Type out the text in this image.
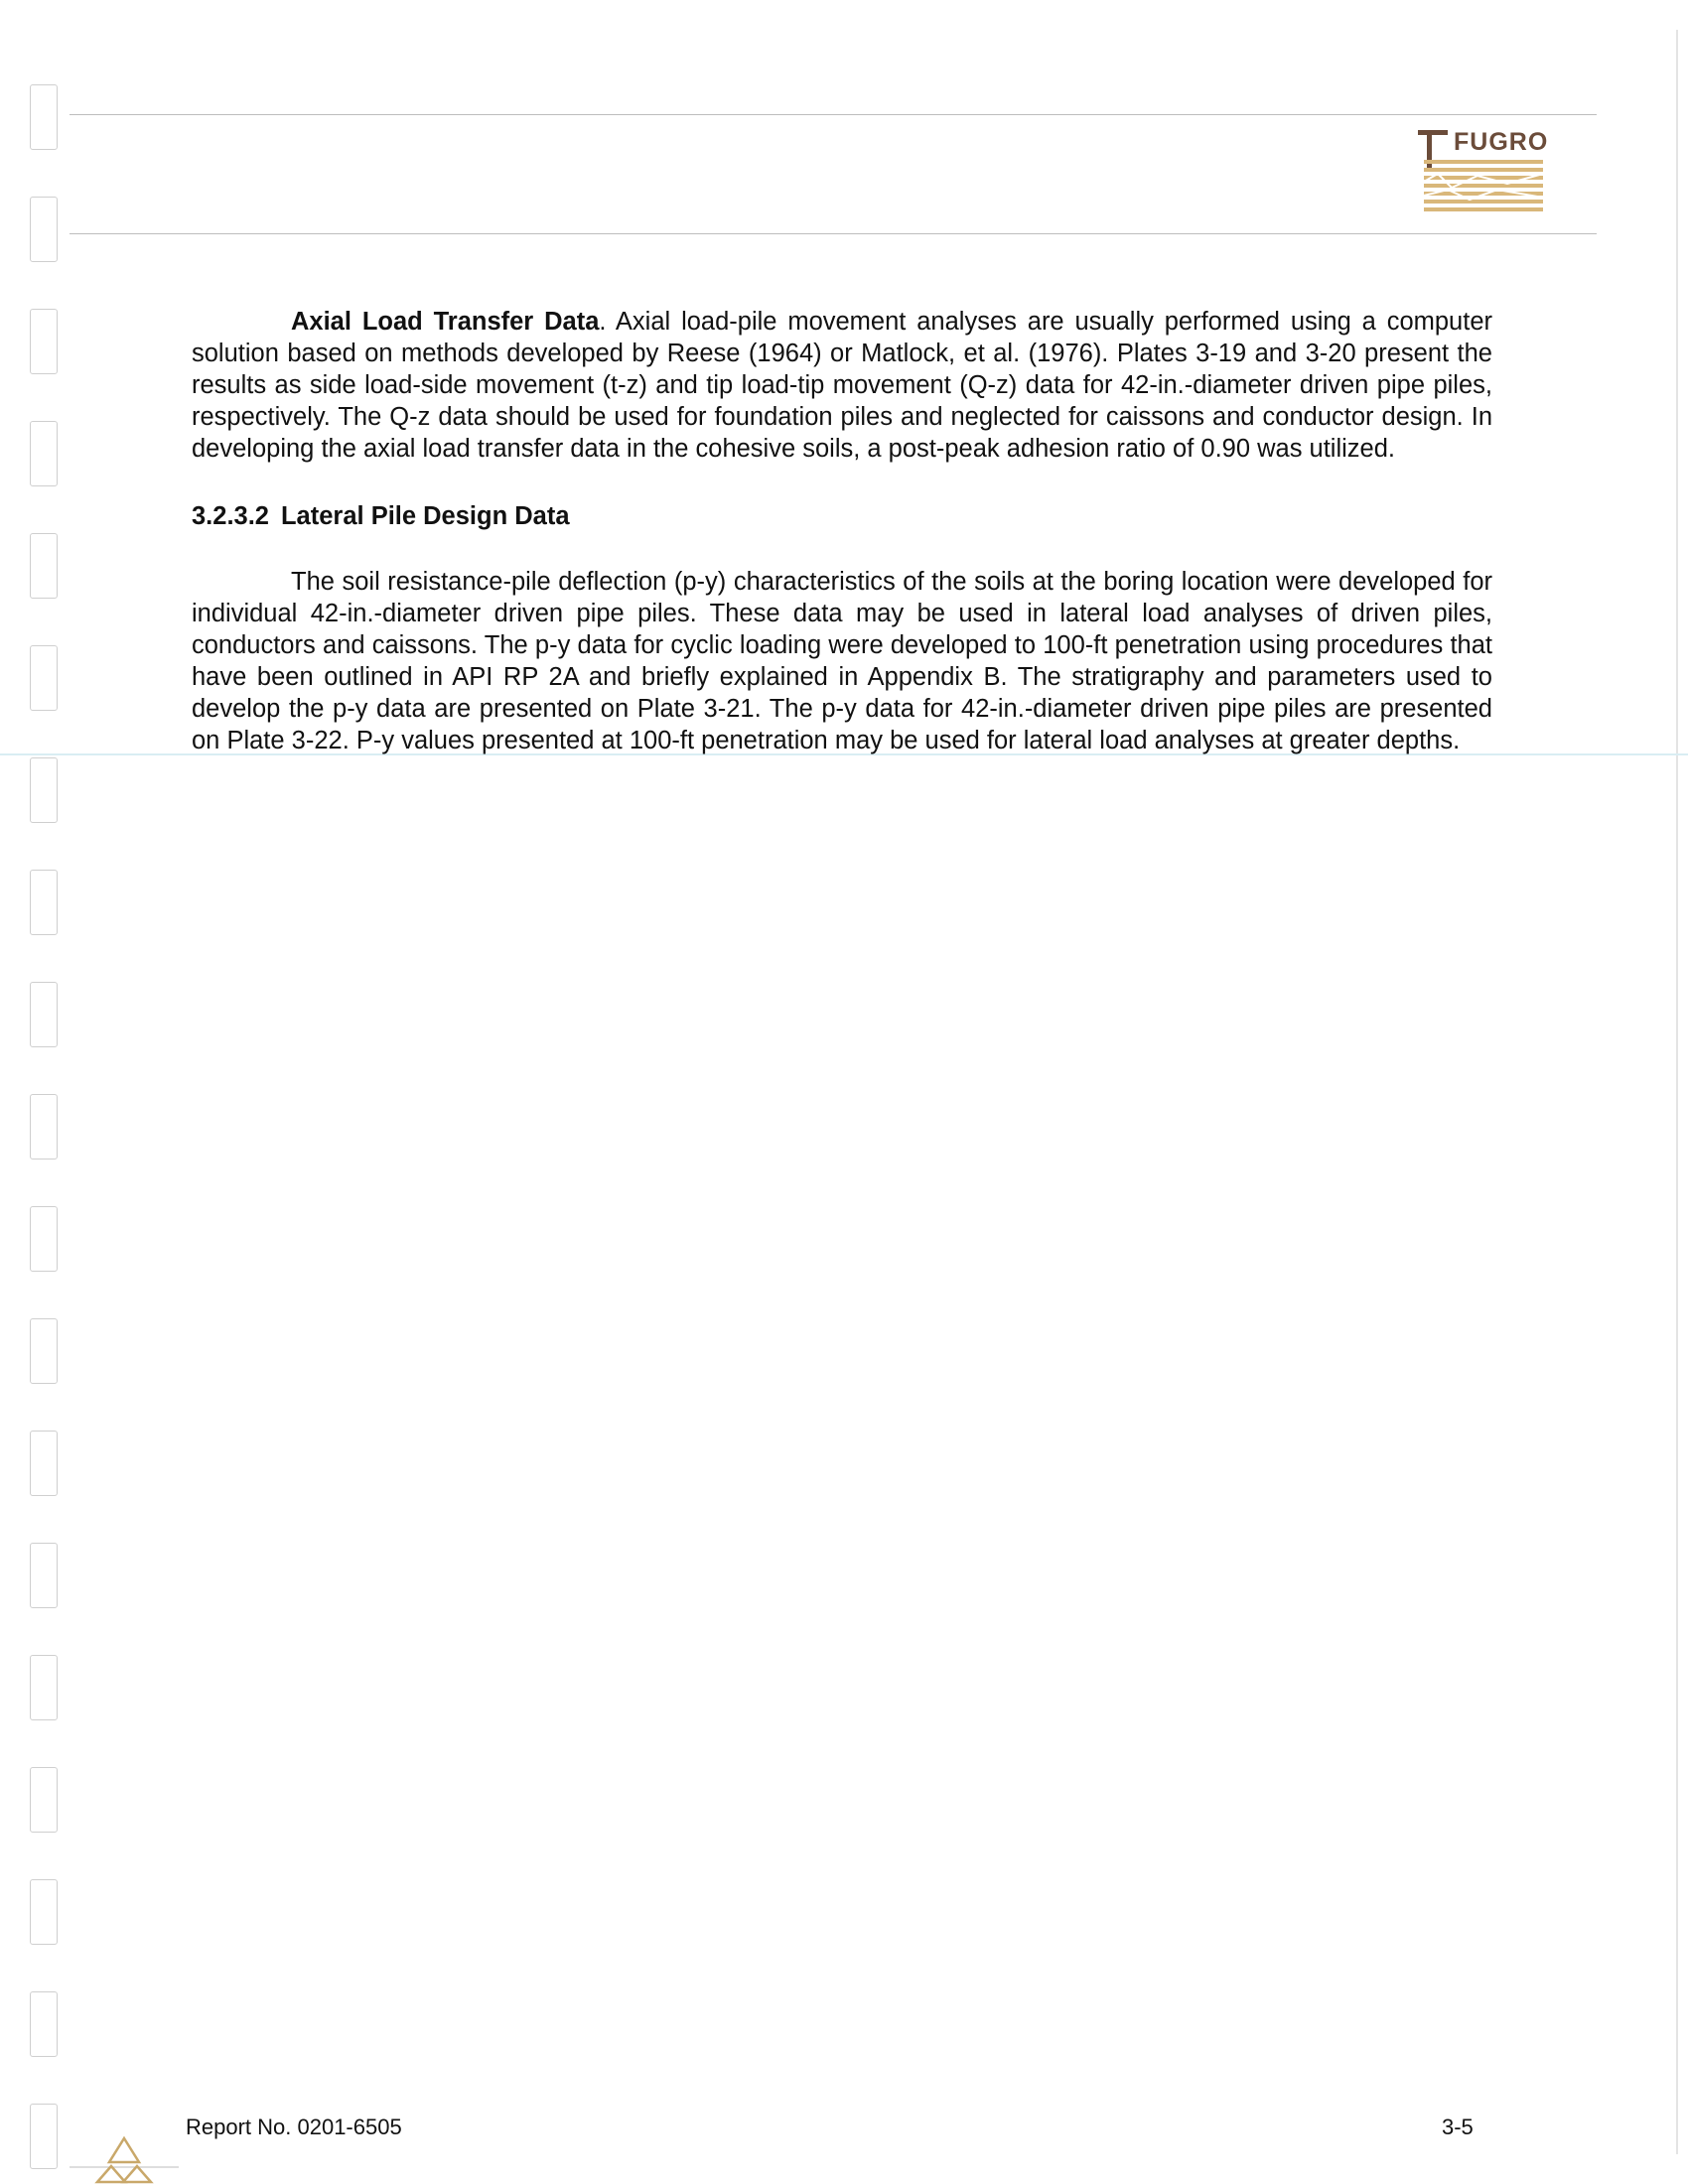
FUGRO

Axial Load Transfer Data. Axial load-pile movement analyses are usually performed using a computer solution based on methods developed by Reese (1964) or Matlock, et al. (1976). Plates 3-19 and 3-20 present the results as side load-side movement (t-z) and tip load-tip movement (Q-z) data for 42-in.-diameter driven pipe piles, respectively. The Q-z data should be used for foundation piles and neglected for caissons and conductor design. In developing the axial load transfer data in the cohesive soils, a post-peak adhesion ratio of 0.90 was utilized.

3.2.3.2 Lateral Pile Design Data

The soil resistance-pile deflection (p-y) characteristics of the soils at the boring location were developed for individual 42-in.-diameter driven pipe piles. These data may be used in lateral load analyses of driven piles, conductors and caissons. The p-y data for cyclic loading were developed to 100-ft penetration using procedures that have been outlined in API RP 2A and briefly explained in Appendix B. The stratigraphy and parameters used to develop the p-y data are presented on Plate 3-21. The p-y data for 42-in.-diameter driven pipe piles are presented on Plate 3-22. P-y values presented at 100-ft penetration may be used for lateral load analyses at greater depths.

Report No. 0201-6505	3-5
